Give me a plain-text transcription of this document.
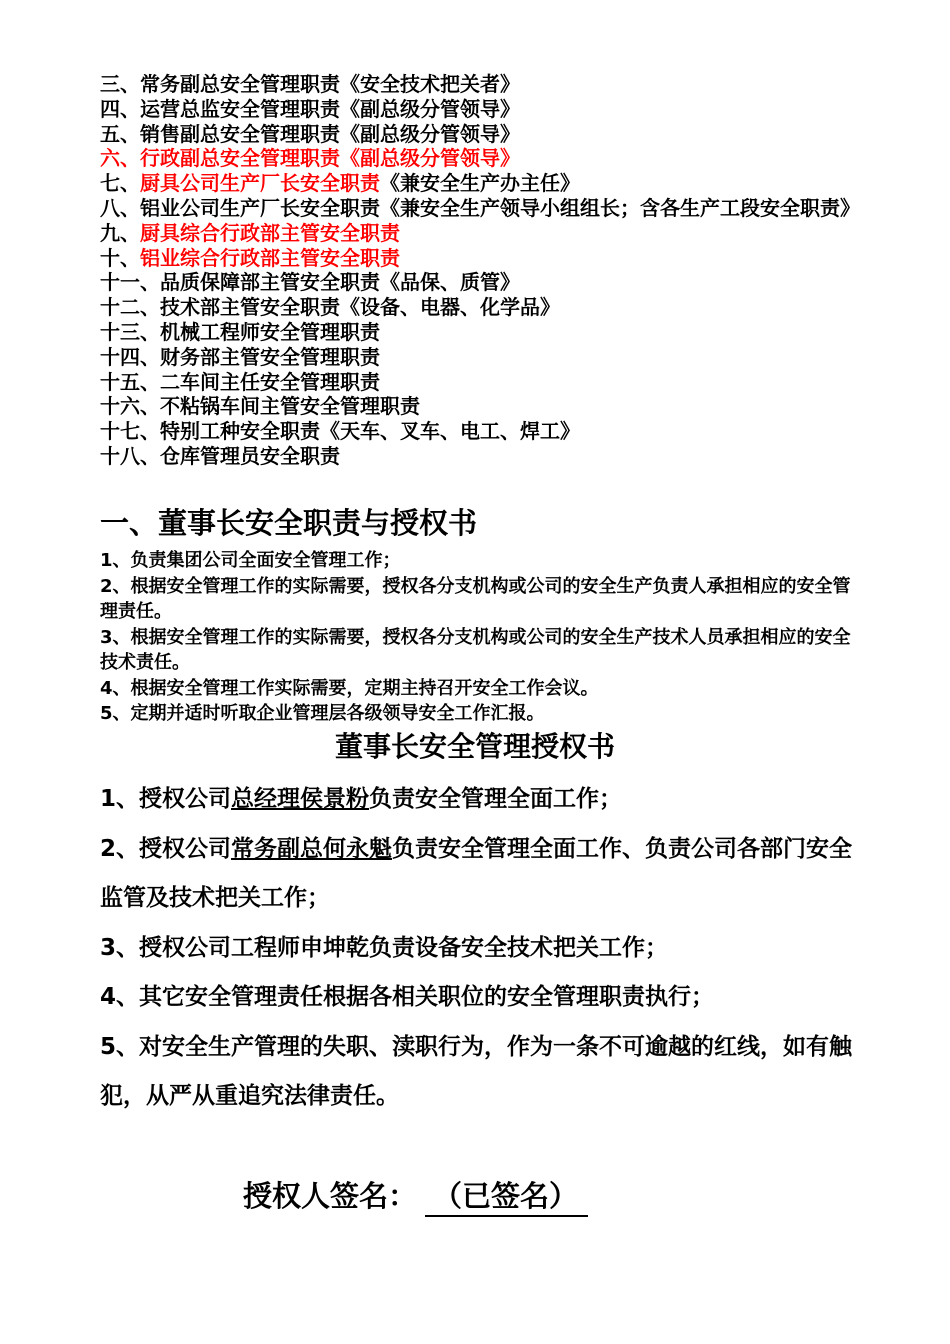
三、常务副总安全管理职责《安全技术把关者》
四、运营总监安全管理职责《副总级分管领导》
五、销售副总安全管理职责《副总级分管领导》
六、行政副总安全管理职责《副总级分管领导》
七、厨具公司生产厂长安全职责《兼安全生产办主任》
八、铝业公司生产厂长安全职责《兼安全生产领导小组组长；含各生产工段安全职责》
九、厨具综合行政部主管安全职责
十、铝业综合行政部主管安全职责
十一、品质保障部主管安全职责《品保、质管》
十二、技术部主管安全职责《设备、电器、化学品》
十三、机械工程师安全管理职责
十四、财务部主管安全管理职责
十五、二车间主任安全管理职责
十六、不粘锅车间主管安全管理职责
十七、特别工种安全职责《天车、叉车、电工、焊工》
十八、仓库管理员安全职责
一、董事长安全职责与授权书
1、负责集团公司全面安全管理工作；
2、根据安全管理工作的实际需要，授权各分支机构或公司的安全生产负责人承担相应的安全管理责任。
3、根据安全管理工作的实际需要，授权各分支机构或公司的安全生产技术人员承担相应的安全技术责任。
4、根据安全管理工作实际需要，定期主持召开安全工作会议。
5、定期并适时听取企业管理层各级领导安全工作汇报。
董事长安全管理授权书
1、授权公司总经理侯景粉负责安全管理全面工作；
2、授权公司常务副总何永魁负责安全管理全面工作、负责公司各部门安全监管及技术把关工作；
3、授权公司工程师申坤乾负责设备安全技术把关工作；
4、其它安全管理责任根据各相关职位的安全管理职责执行；
5、对安全生产管理的失职、渎职行为，作为一条不可逾越的红线，如有触犯，从严从重追究法律责任。
授权人签名： （已签名）
